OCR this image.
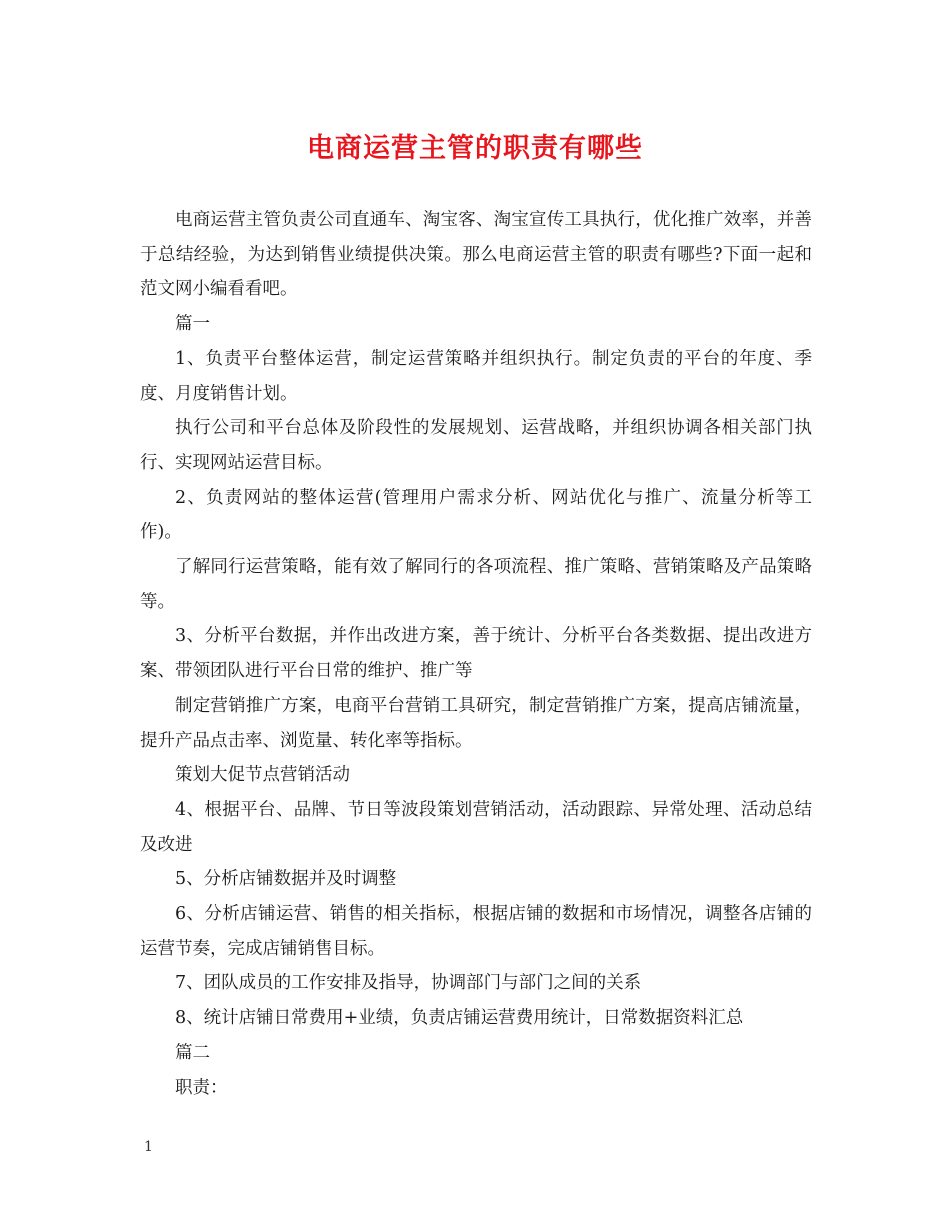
电商运营主管的职责有哪些

电商运营主管负责公司直通车、淘宝客、淘宝宣传工具执行，优化推广效率，并善于总结经验，为达到销售业绩提供决策。那么电商运营主管的职责有哪些?下面一起和范文网小编看看吧。

篇一

1、负责平台整体运营，制定运营策略并组织执行。制定负责的平台的年度、季度、月度销售计划。

执行公司和平台总体及阶段性的发展规划、运营战略，并组织协调各相关部门执行、实现网站运营目标。

2、负责网站的整体运营(管理用户需求分析、网站优化与推广、流量分析等工作)。

了解同行运营策略，能有效了解同行的各项流程、推广策略、营销策略及产品策略等。

3、分析平台数据，并作出改进方案，善于统计、分析平台各类数据、提出改进方案、带领团队进行平台日常的维护、推广等

制定营销推广方案，电商平台营销工具研究，制定营销推广方案，提高店铺流量，提升产品点击率、浏览量、转化率等指标。

策划大促节点营销活动

4、根据平台、品牌、节日等波段策划营销活动，活动跟踪、异常处理、活动总结及改进

5、分析店铺数据并及时调整

6、分析店铺运营、销售的相关指标，根据店铺的数据和市场情况，调整各店铺的运营节奏，完成店铺销售目标。

7、团队成员的工作安排及指导，协调部门与部门之间的关系

8、统计店铺日常费用+业绩，负责店铺运营费用统计，日常数据资料汇总

篇二

职责：

1
